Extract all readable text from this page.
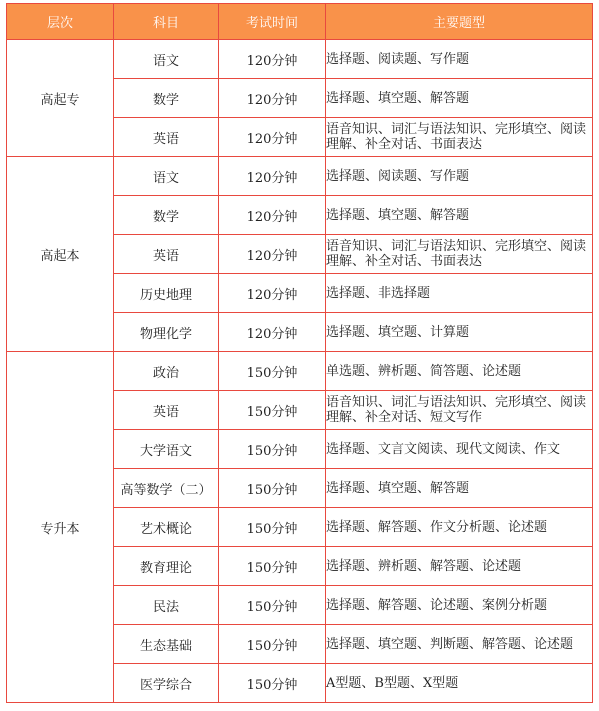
层次	科目	考试时间	主要题型
高起专	语文	120分钟	选择题、阅读题、写作题
	数学	120分钟	选择题、填空题、解答题
	英语	120分钟	语音知识、词汇与语法知识、完形填空、阅读理解、补全对话、书面表达
高起本	语文	120分钟	选择题、阅读题、写作题
	数学	120分钟	选择题、填空题、解答题
	英语	120分钟	语音知识、词汇与语法知识、完形填空、阅读理解、补全对话、书面表达
	历史地理	120分钟	选择题、非选择题
	物理化学	120分钟	选择题、填空题、计算题
专升本	政治	150分钟	单选题、辨析题、简答题、论述题
	英语	150分钟	语音知识、词汇与语法知识、完形填空、阅读理解、补全对话、短文写作
	大学语文	150分钟	选择题、文言文阅读、现代文阅读、作文
	高等数学（二）	150分钟	选择题、填空题、解答题
	艺术概论	150分钟	选择题、解答题、作文分析题、论述题
	教育理论	150分钟	选择题、辨析题、解答题、论述题
	民法	150分钟	选择题、解答题、论述题、案例分析题
	生态基础	150分钟	选择题、填空题、判断题、解答题、论述题
	医学综合	150分钟	A型题、B型题、X型题
